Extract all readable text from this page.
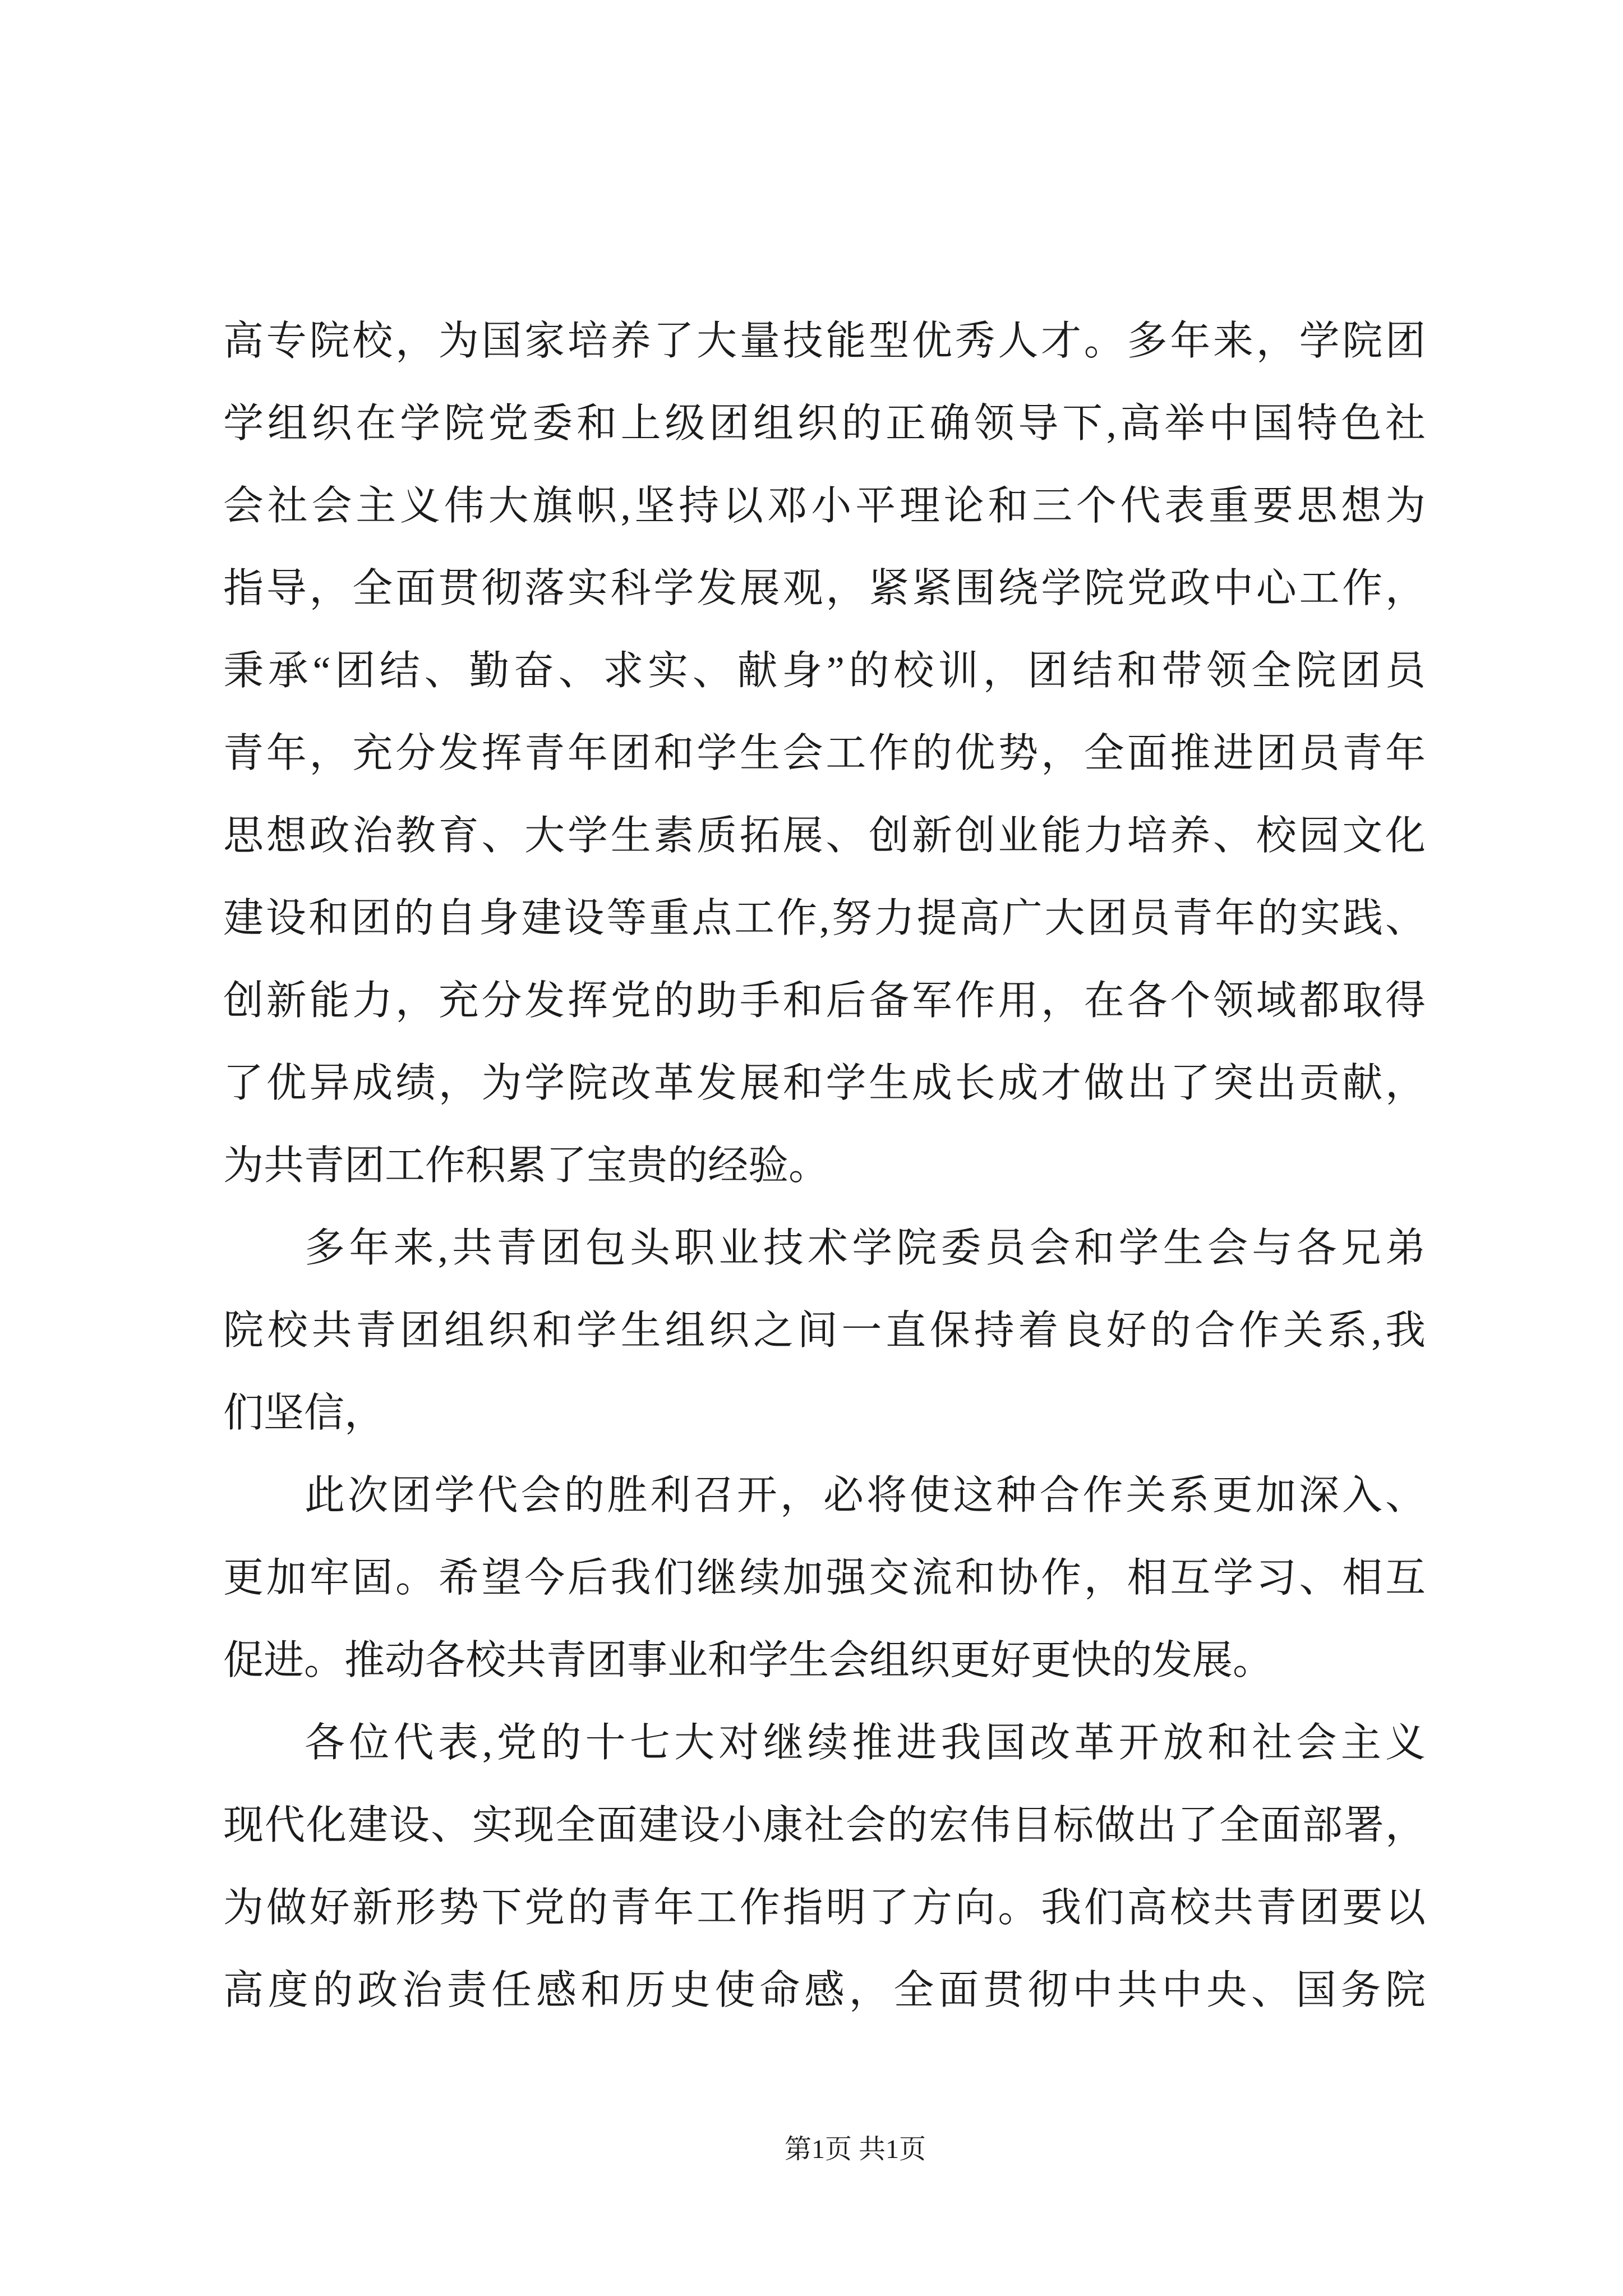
高专院校，为国家培养了大量技能型优秀人才。多年来，学院团
学组织在学院党委和上级团组织的正确领导下,高举中国特色社
会社会主义伟大旗帜,坚持以邓小平理论和三个代表重要思想为
指导，全面贯彻落实科学发展观，紧紧围绕学院党政中心工作，
秉承“团结、勤奋、求实、献身”的校训，团结和带领全院团员
青年，充分发挥青年团和学生会工作的优势，全面推进团员青年
思想政治教育、大学生素质拓展、创新创业能力培养、校园文化
建设和团的自身建设等重点工作,努力提高广大团员青年的实践、
创新能力，充分发挥党的助手和后备军作用，在各个领域都取得
了优异成绩，为学院改革发展和学生成长成才做出了突出贡献，
为共青团工作积累了宝贵的经验。
多年来,共青团包头职业技术学院委员会和学生会与各兄弟
院校共青团组织和学生组织之间一直保持着良好的合作关系,我
们坚信，
此次团学代会的胜利召开，必将使这种合作关系更加深入、
更加牢固。希望今后我们继续加强交流和协作，相互学习、相互
促进。推动各校共青团事业和学生会组织更好更快的发展。
各位代表,党的十七大对继续推进我国改革开放和社会主义
现代化建设、实现全面建设小康社会的宏伟目标做出了全面部署，
为做好新形势下党的青年工作指明了方向。我们高校共青团要以
高度的政治责任感和历史使命感，全面贯彻中共中央、国务院
第1页 共1页
